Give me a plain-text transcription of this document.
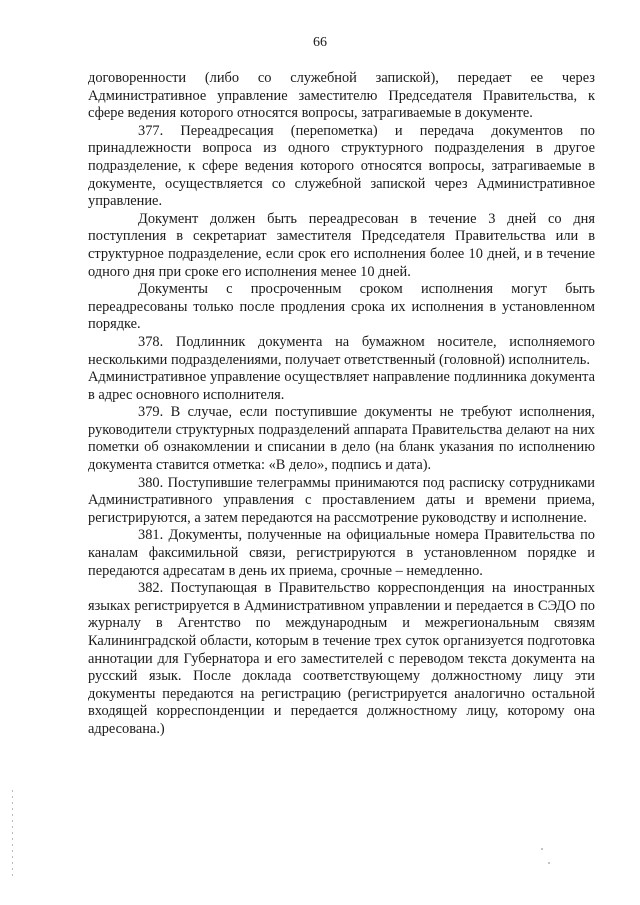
66

договоренности (либо со служебной запиской), передает ее через Административное управление заместителю Председателя Правительства, к сфере ведения которого относятся вопросы, затрагиваемые в документе.

377. Переадресация (перепометка) и передача документов по принадлежности вопроса из одного структурного подразделения в другое подразделение, к сфере ведения которого относятся вопросы, затрагиваемые в документе, осуществляется со служебной запиской через Административное управление.

Документ должен быть переадресован в течение 3 дней со дня поступления в секретариат заместителя Председателя Правительства или в структурное подразделение, если срок его исполнения более 10 дней, и в течение одного дня при сроке его исполнения менее 10 дней.

Документы с просроченным сроком исполнения могут быть переадресованы только после продления срока их исполнения в установленном порядке.

378. Подлинник документа на бумажном носителе, исполняемого несколькими подразделениями, получает ответственный (головной) исполнитель.

Административное управление осуществляет направление подлинника документа в адрес основного исполнителя.

379. В случае, если поступившие документы не требуют исполнения, руководители структурных подразделений аппарата Правительства делают на них пометки об ознакомлении и списании в дело (на бланк указания по исполнению документа ставится отметка: «В дело», подпись и дата).

380. Поступившие телеграммы принимаются под расписку сотрудниками Административного управления с проставлением даты и времени приема, регистрируются, а затем передаются на рассмотрение руководству и исполнение.

381. Документы, полученные на официальные номера Правительства по каналам факсимильной связи, регистрируются в установленном порядке и передаются адресатам в день их приема, срочные – немедленно.

382. Поступающая в Правительство корреспонденция на иностранных языках регистрируется в Административном управлении и передается в СЭДО по журналу в Агентство по международным и межрегиональным связям Калининградской области, которым в течение трех суток организуется подготовка аннотации для Губернатора и его заместителей с переводом текста документа на русский язык. После доклада соответствующему должностному лицу эти документы передаются на регистрацию (регистрируется аналогично остальной входящей корреспонденции и передается должностному лицу, которому она адресована.)
